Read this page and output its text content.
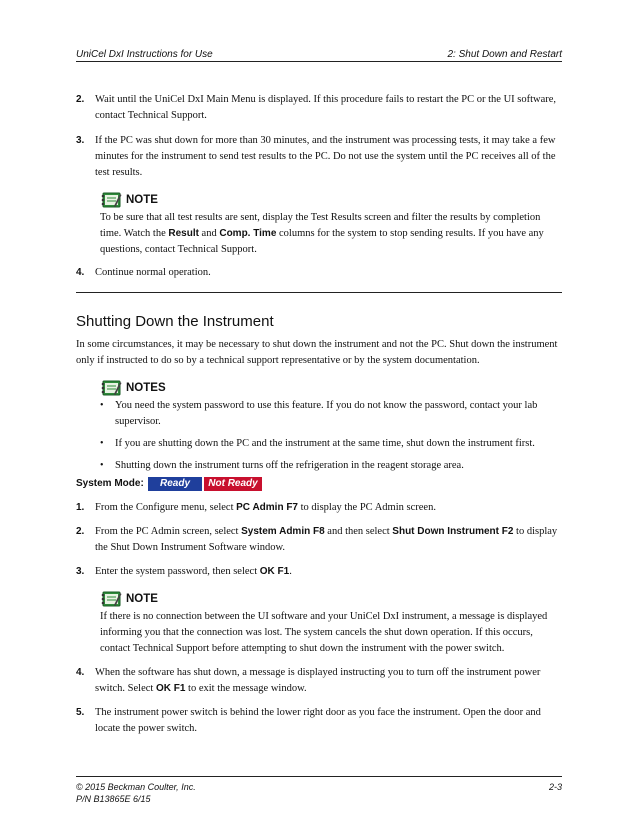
UniCel DxI Instructions for Use	2: Shut Down and Restart
2.	Wait until the UniCel DxI Main Menu is displayed. If this procedure fails to restart the PC or the UI software, contact Technical Support.
3.	If the PC was shut down for more than 30 minutes, and the instrument was processing tests, it may take a few minutes for the instrument to send test results to the PC. Do not use the system until the PC receives all of the test results.
NOTE
To be sure that all test results are sent, display the Test Results screen and filter the results by completion time. Watch the Result and Comp. Time columns for the system to stop sending results. If you have any questions, contact Technical Support.
4.	Continue normal operation.
Shutting Down the Instrument
In some circumstances, it may be necessary to shut down the instrument and not the PC. Shut down the instrument only if instructed to do so by a technical support representative or by the system documentation.
NOTES
•	You need the system password to use this feature. If you do not know the password, contact your lab supervisor.
•	If you are shutting down the PC and the instrument at the same time, shut down the instrument first.
•	Shutting down the instrument turns off the refrigeration in the reagent storage area.
System Mode:	Ready	Not Ready
1.	From the Configure menu, select PC Admin F7 to display the PC Admin screen.
2.	From the PC Admin screen, select System Admin F8 and then select Shut Down Instrument F2 to display the Shut Down Instrument Software window.
3.	Enter the system password, then select OK F1.
NOTE
If there is no connection between the UI software and your UniCel DxI instrument, a message is displayed informing you that the connection was lost. The system cancels the shut down operation. If this occurs, contact Technical Support before attempting to shut down the instrument with the power switch.
4.	When the software has shut down, a message is displayed instructing you to turn off the instrument power switch. Select OK F1 to exit the message window.
5.	The instrument power switch is behind the lower right door as you face the instrument. Open the door and locate the power switch.
© 2015 Beckman Coulter, Inc.	2-3
P/N B13865E 6/15
